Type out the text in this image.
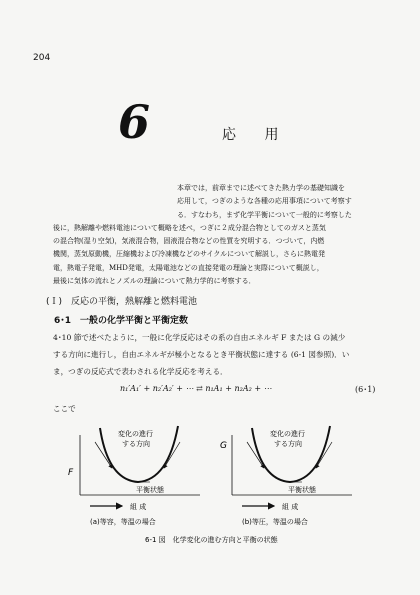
204
6	応 用
本章では，前章までに述べてきた熱力学の基礎知識を
応用して，つぎのような各種の応用事項について考察す
る．すなわち，まず化学平衡について一般的に考察した
後に，熱解離や燃料電池について概略を述べ，つぎに２成分混合物としてのガスと蒸気
の混合物(湿り空気)，気液混合物，固液混合物などの性質を究明する．つづいて，内燃
機関，蒸気原動機，圧縮機および冷凍機などのサイクルについて解説し，さらに熱電発
電，熱電子発電，MHD発電，太陽電池などの直接発電の理論と実際について概説し，
最後に気体の流れとノズルの理論について熱力学的に考察する．
(Ｉ)　反応の平衡，熱解離と燃料電池
6･1　一般の化学平衡と平衡定数
4･10 節で述べたように，一般に化学反応はその系の自由エネルギ F または G の減少
する方向に進行し，自由エネルギが極小となるとき平衡状態に達する (6-1 図参照)．い
ま，つぎの反応式で表わされる化学反応を考える．
n₁′A₁′ + n₂′A₂′ + ⋯ ⇄ n₁A₁ + n₂A₂ + ⋯	(6･1)
ここで
F
変化の進行
する方向
平衡状態
組 成
(a)等容，等温の場合
G
変化の進行
する方向
平衡状態
組 成
(b)等圧，等温の場合
6-1 図　化学変化の進む方向と平衡の状態
